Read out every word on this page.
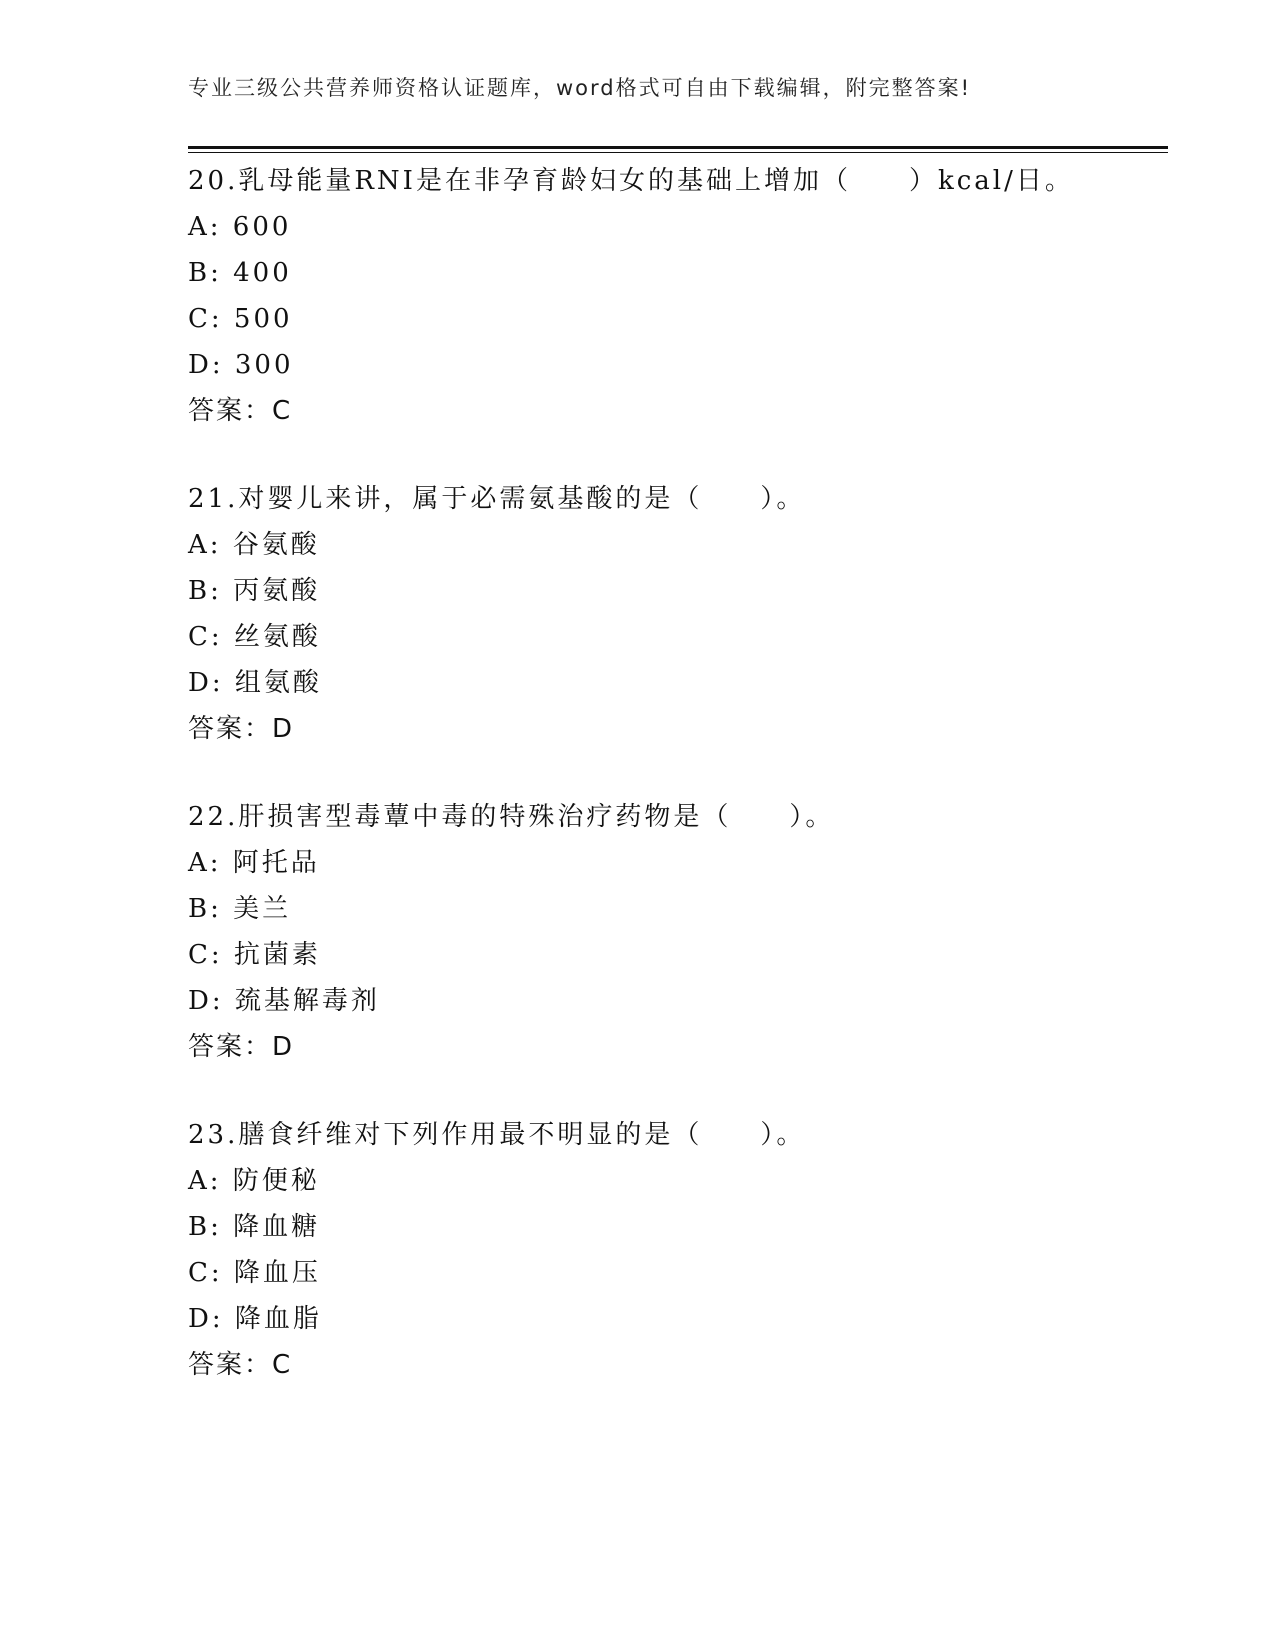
专业三级公共营养师资格认证题库，word格式可自由下载编辑，附完整答案!
20.乳母能量RNI是在非孕育龄妇女的基础上增加（　　）kcal/日。
A: 600
B: 400
C: 500
D: 300
答案：C
21.对婴儿来讲，属于必需氨基酸的是（　　）。
A: 谷氨酸
B: 丙氨酸
C: 丝氨酸
D: 组氨酸
答案：D
22.肝损害型毒蕈中毒的特殊治疗药物是（　　）。
A: 阿托品
B: 美兰
C: 抗菌素
D: 巯基解毒剂
答案：D
23.膳食纤维对下列作用最不明显的是（　　）。
A: 防便秘
B: 降血糖
C: 降血压
D: 降血脂
答案：C
